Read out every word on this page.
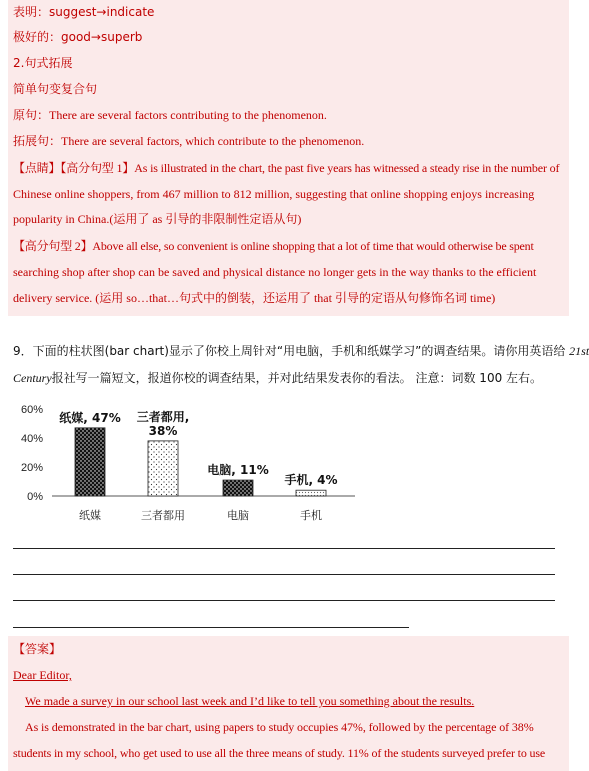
表明：suggest→indicate
极好的：good→superb
2.句式拓展
简单句变复合句
原句：There are several factors contributing to the phenomenon.
拓展句：There are several factors, which contribute to the phenomenon.
【点睛】【高分句型 1】As is illustrated in the chart, the past five years has witnessed a steady rise in the number of
Chinese online shoppers, from 467 million to 812 million, suggesting that online shopping enjoys increasing
popularity in China.(运用了 as 引导的非限制性定语从句)
【高分句型 2】Above all else, so convenient is online shopping that a lot of time that would otherwise be spent
searching shop after shop can be saved and physical distance no longer gets in the way thanks to the efficient
delivery service. (运用 so…that…句式中的倒装，还运用了 that 引导的定语从句修饰名词 time)
9．下面的柱状图(bar chart)显示了你校上周针对“用电脑，手机和纸媒学习”的调查结果。请你用英语给 21st
Century报社写一篇短文，报道你校的调查结果，并对此结果发表你的看法。 注意：词数 100 左右。
60%
40%
20%
0%
纸媒, 47% 三者都用, 38%
电脑, 11%
手机, 4%
纸媒	三者都用	电脑	手机
【答案】
Dear Editor,
We made a survey in our school last week and I’d like to tell you something about the results.
As is demonstrated in the bar chart, using papers to study occupies 47%, followed by the percentage of 38%
students in my school, who get used to use all the three means of study. 11% of the students surveyed prefer to use
